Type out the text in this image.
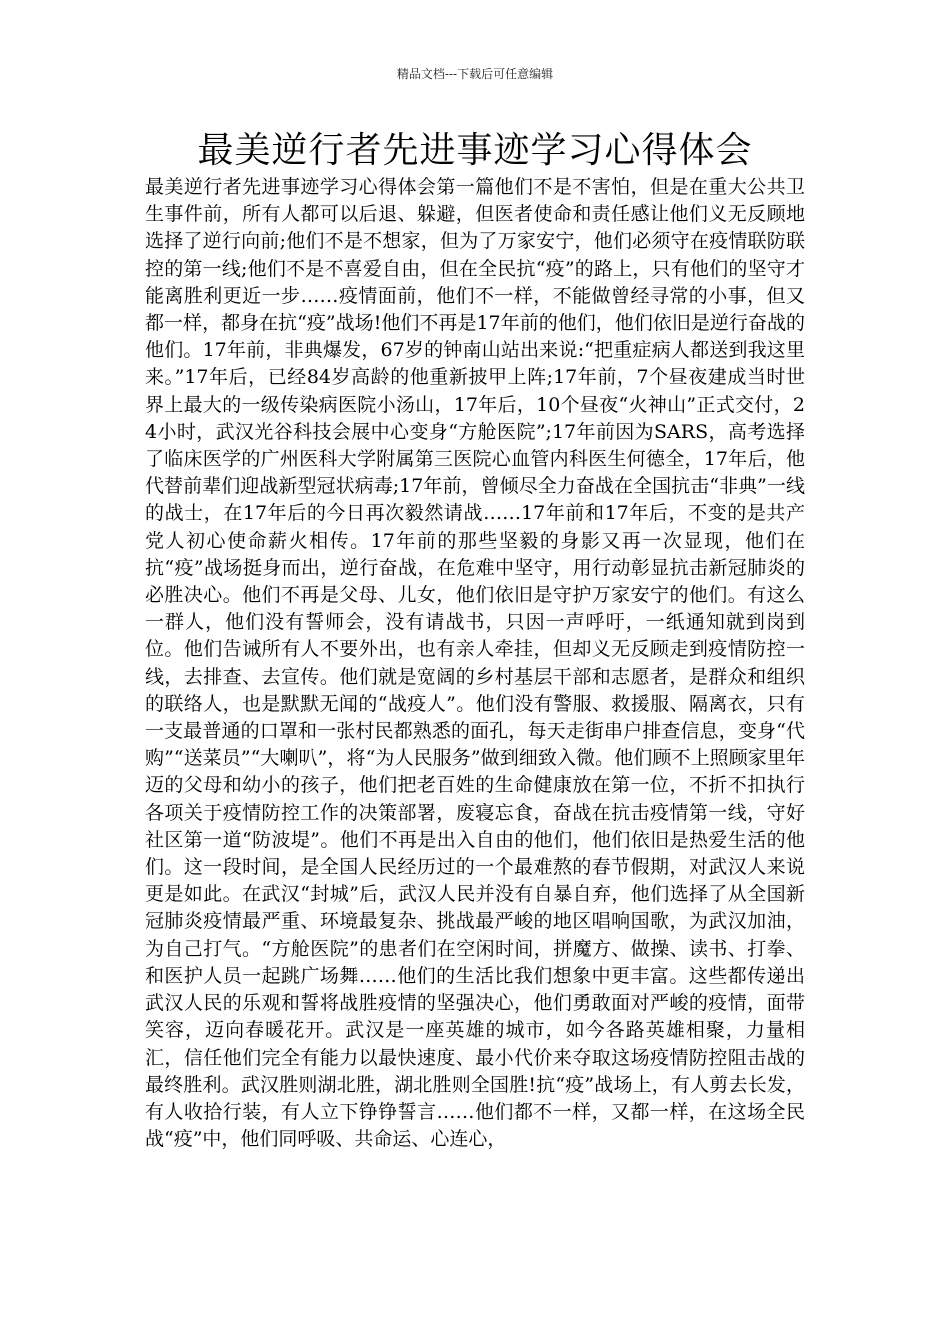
精品文档---下载后可任意编辑
最美逆行者先进事迹学习心得体会

最美逆行者先进事迹学习心得体会第一篇他们不是不害怕，但是在重大公共卫生事件前，所有人都可以后退、躲避，但医者使命和责任感让他们义无反顾地选择了逆行向前;他们不是不想家，但为了万家安宁，他们必须守在疫情联防联控的第一线;他们不是不喜爱自由，但在全民抗“疫”的路上，只有他们的坚守才能离胜利更近一步……疫情面前，他们不一样，不能做曾经寻常的小事，但又都一样，都身在抗“疫”战场!他们不再是17年前的他们，他们依旧是逆行奋战的他们。17年前，非典爆发，67岁的钟南山站出来说:“把重症病人都送到我这里来。”17年后，已经84岁高龄的他重新披甲上阵;17年前，7个昼夜建成当时世界上最大的一级传染病医院小汤山，17年后，10个昼夜“火神山”正式交付，24小时，武汉光谷科技会展中心变身“方舱医院”;17年前因为SARS，高考选择了临床医学的广州医科大学附属第三医院心血管内科医生何德全，17年后，他代替前辈们迎战新型冠状病毒;17年前，曾倾尽全力奋战在全国抗击“非典”一线的战士，在17年后的今日再次毅然请战……17年前和17年后，不变的是共产党人初心使命薪火相传。17年前的那些坚毅的身影又再一次显现，他们在抗“疫”战场挺身而出，逆行奋战，在危难中坚守，用行动彰显抗击新冠肺炎的必胜决心。他们不再是父母、儿女，他们依旧是守护万家安宁的他们。有这么一群人，他们没有誓师会，没有请战书，只因一声呼吁，一纸通知就到岗到位。他们告诫所有人不要外出，也有亲人牵挂，但却义无反顾走到疫情防控一线，去排查、去宣传。他们就是宽阔的乡村基层干部和志愿者，是群众和组织的联络人，也是默默无闻的“战疫人”。他们没有警服、救援服、隔离衣，只有一支最普通的口罩和一张村民都熟悉的面孔，每天走街串户排查信息，变身“代购”“送菜员”“大喇叭”，将“为人民服务”做到细致入微。他们顾不上照顾家里年迈的父母和幼小的孩子，他们把老百姓的生命健康放在第一位，不折不扣执行各项关于疫情防控工作的决策部署，废寝忘食，奋战在抗击疫情第一线，守好社区第一道“防波堤”。他们不再是出入自由的他们，他们依旧是热爱生活的他们。这一段时间，是全国人民经历过的一个最难熬的春节假期，对武汉人来说更是如此。在武汉“封城”后，武汉人民并没有自暴自弃，他们选择了从全国新冠肺炎疫情最严重、环境最复杂、挑战最严峻的地区唱响国歌，为武汉加油，为自己打气。“方舱医院”的患者们在空闲时间，拼魔方、做操、读书、打拳、和医护人员一起跳广场舞……他们的生活比我们想象中更丰富。这些都传递出武汉人民的乐观和誓将战胜疫情的坚强决心，他们勇敢面对严峻的疫情，面带笑容，迈向春暖花开。武汉是一座英雄的城市，如今各路英雄相聚，力量相汇，信任他们完全有能力以最快速度、最小代价来夺取这场疫情防控阻击战的最终胜利。武汉胜则湖北胜，湖北胜则全国胜!抗“疫”战场上，有人剪去长发，有人收拾行装，有人立下铮铮誓言……他们都不一样，又都一样，在这场全民战“疫”中，他们同呼吸、共命运、心连心，
